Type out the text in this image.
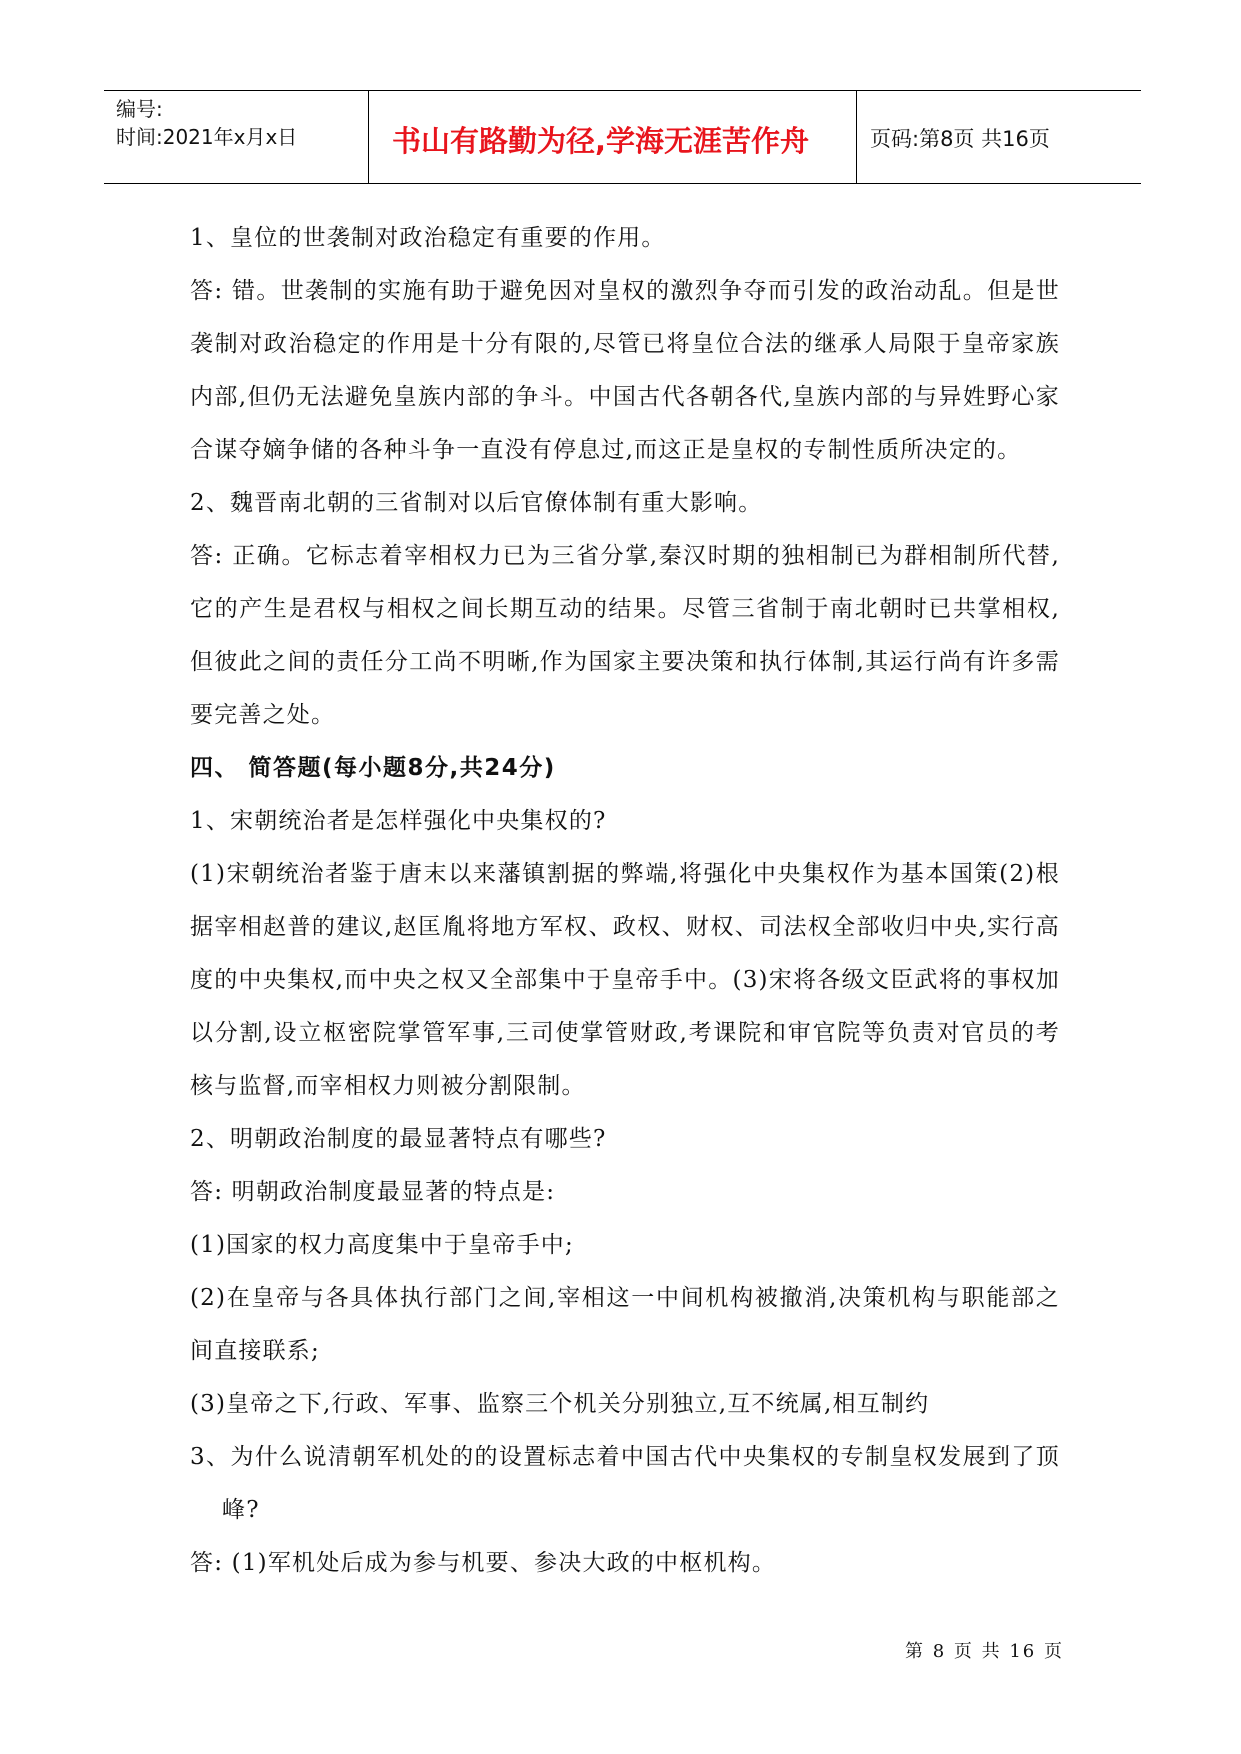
编号:
时间:2021年x月x日	书山有路勤为径,学海无涯苦作舟	页码:第8页 共16页

1、皇位的世袭制对政治稳定有重要的作用。

答: 错。世袭制的实施有助于避免因对皇权的激烈争夺而引发的政治动乱。但是世袭制对政治稳定的作用是十分有限的,尽管已将皇位合法的继承人局限于皇帝家族内部,但仍无法避免皇族内部的争斗。中国古代各朝各代,皇族内部的与异姓野心家合谋夺嫡争储的各种斗争一直没有停息过,而这正是皇权的专制性质所决定的。

2、魏晋南北朝的三省制对以后官僚体制有重大影响。

答: 正确。它标志着宰相权力已为三省分掌,秦汉时期的独相制已为群相制所代替,它的产生是君权与相权之间长期互动的结果。尽管三省制于南北朝时已共掌相权,但彼此之间的责任分工尚不明晰,作为国家主要决策和执行体制,其运行尚有许多需要完善之处。

四、 简答题(每小题8分,共24分)

1、宋朝统治者是怎样强化中央集权的?

(1)宋朝统治者鉴于唐末以来藩镇割据的弊端,将强化中央集权作为基本国策(2)根据宰相赵普的建议,赵匡胤将地方军权、政权、财权、司法权全部收归中央,实行高度的中央集权,而中央之权又全部集中于皇帝手中。(3)宋将各级文臣武将的事权加以分割,设立枢密院掌管军事,三司使掌管财政,考课院和审官院等负责对官员的考核与监督,而宰相权力则被分割限制。

2、明朝政治制度的最显著特点有哪些?

答: 明朝政治制度最显著的特点是:

(1)国家的权力高度集中于皇帝手中;

(2)在皇帝与各具体执行部门之间,宰相这一中间机构被撤消,决策机构与职能部之间直接联系;

(3)皇帝之下,行政、军事、监察三个机关分别独立,互不统属,相互制约

3、为什么说清朝军机处的的设置标志着中国古代中央集权的专制皇权发展到了顶峰?

答: (1)军机处后成为参与机要、参决大政的中枢机构。

第 8 页 共 16 页
